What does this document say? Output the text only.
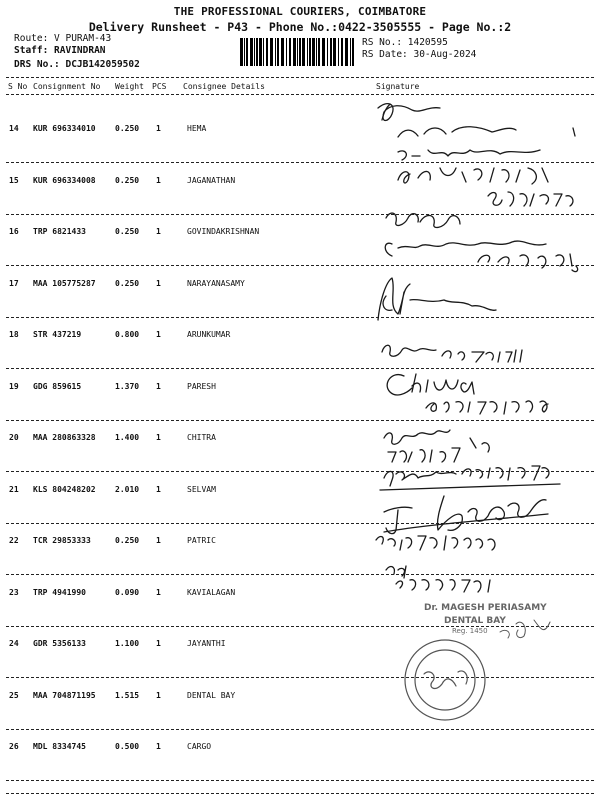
THE PROFESSIONAL COURIERS, COIMBATORE
Delivery Runsheet - P43 - Phone No.:0422-3505555 - Page No.:2
Route: V PURAM-43
Staff: RAVINDRAN
DRS No.: DCJB142059502
RS No.: 1420595
RS Date: 30-Aug-2024
S No Consignment No Weight PCS Consignee Details	Signature
14 KUR 696334010 0.250 1	HEMA
15 KUR 696334008 0.250 1	JAGANATHAN
16 TRP 6821433	0.250 1	GOVINDAKRISHNAN
17 MAA 105775287 0.250 1	NARAYANASAMY
18 STR 437219	0.800 1	ARUNKUMAR
19 GDG 859615	1.370 1	PARESH
20 MAA 280863328 1.400 1	CHITRA
21 KLS 804248202 2.010 1	SELVAM
22 TCR 29853333	0.250 1	PATRIC
23 TRP 4941990	0.090 1	KAVIALAGAN
24 GDR 5356133	1.100 1	JAYANTHI
25 MAA 704871195 1.515 1	DENTAL BAY
26 MDL 8334745	0.500 1	CARGO
Dr. MAGESH PERIASAMY
DENTAL BAY
Reg. 1450
